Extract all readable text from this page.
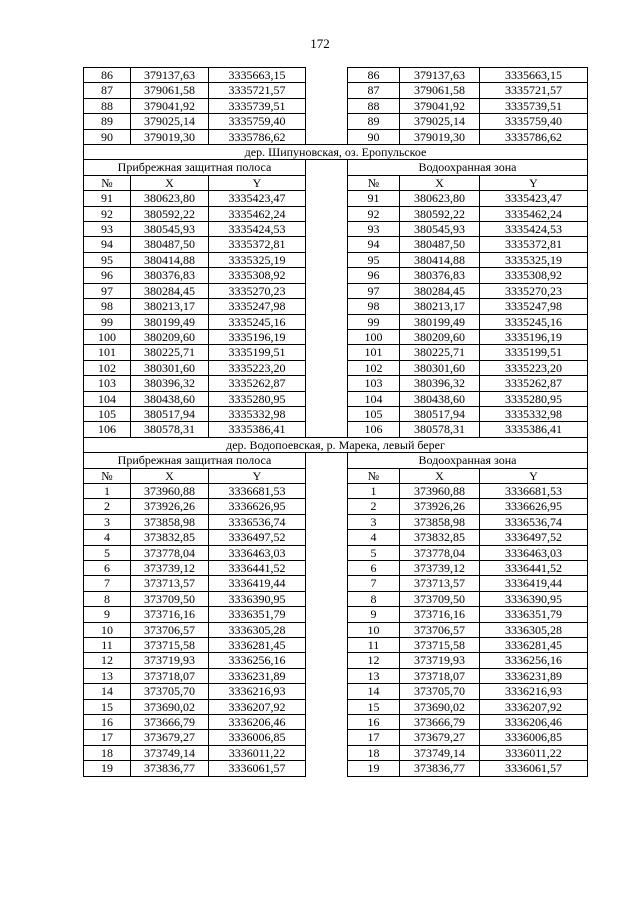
172
86	379137,63	3335663,15		86	379137,63	3335663,15
87	379061,58	3335721,57		87	379061,58	3335721,57
88	379041,92	3335739,51		88	379041,92	3335739,51
89	379025,14	3335759,40		89	379025,14	3335759,40
90	379019,30	3335786,62		90	379019,30	3335786,62
дер. Шипуновская, оз. Еропульское						
Прибрежная защитная полоса				Водоохранная зона		
№	X	Y		№	X	Y
91	380623,80	3335423,47		91	380623,80	3335423,47
92	380592,22	3335462,24		92	380592,22	3335462,24
93	380545,93	3335424,53		93	380545,93	3335424,53
94	380487,50	3335372,81		94	380487,50	3335372,81
95	380414,88	3335325,19		95	380414,88	3335325,19
96	380376,83	3335308,92		96	380376,83	3335308,92
97	380284,45	3335270,23		97	380284,45	3335270,23
98	380213,17	3335247,98		98	380213,17	3335247,98
99	380199,49	3335245,16		99	380199,49	3335245,16
100	380209,60	3335196,19		100	380209,60	3335196,19
101	380225,71	3335199,51		101	380225,71	3335199,51
102	380301,60	3335223,20		102	380301,60	3335223,20
103	380396,32	3335262,87		103	380396,32	3335262,87
104	380438,60	3335280,95		104	380438,60	3335280,95
105	380517,94	3335332,98		105	380517,94	3335332,98
106	380578,31	3335386,41		106	380578,31	3335386,41
дер. Водопоевская, р. Марека, левый берег						
Прибрежная защитная полоса				Водоохранная зона		
№	X	Y		№	X	Y
1	373960,88	3336681,53		1	373960,88	3336681,53
2	373926,26	3336626,95		2	373926,26	3336626,95
3	373858,98	3336536,74		3	373858,98	3336536,74
4	373832,85	3336497,52		4	373832,85	3336497,52
5	373778,04	3336463,03		5	373778,04	3336463,03
6	373739,12	3336441,52		6	373739,12	3336441,52
7	373713,57	3336419,44		7	373713,57	3336419,44
8	373709,50	3336390,95		8	373709,50	3336390,95
9	373716,16	3336351,79		9	373716,16	3336351,79
10	373706,57	3336305,28		10	373706,57	3336305,28
11	373715,58	3336281,45		11	373715,58	3336281,45
12	373719,93	3336256,16		12	373719,93	3336256,16
13	373718,07	3336231,89		13	373718,07	3336231,89
14	373705,70	3336216,93		14	373705,70	3336216,93
15	373690,02	3336207,92		15	373690,02	3336207,92
16	373666,79	3336206,46		16	373666,79	3336206,46
17	373679,27	3336006,85		17	373679,27	3336006,85
18	373749,14	3336011,22		18	373749,14	3336011,22
19	373836,77	3336061,57		19	373836,77	3336061,57
